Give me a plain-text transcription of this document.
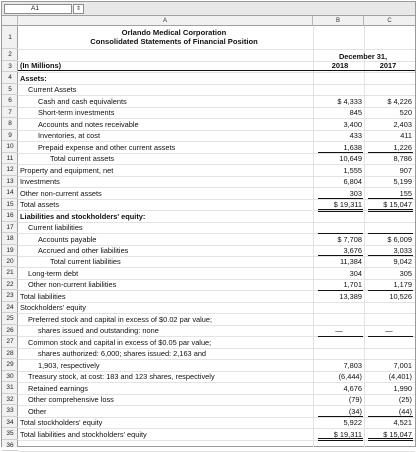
A1	⇕
A	B	C
1
2
3
4
5
6
7
8
9
10
11
12
13
14
15
16
17
18
19
20
21
22
23
24
25
26
27
28
29
30
31
32
33
34
35
36
Orlando Medical Corporation
Consolidated Statements of Financial Position
December 31,
(In Millions)	2018	2017
Assets:
Current Assets
Cash and cash equivalents	$ 4,333	$ 4,226
Short-term investments	845	520
Accounts and notes receivable	3,400	2,403
Inventories, at cost	433	411
Prepaid expense and other current assets	1,638	1,226
Total current assets	10,649	8,786
Property and equipment, net	1,555	907
Investments	6,804	5,199
Other non-current assets	303	155
Total assets	$ 19,311	$ 15,047
Liabilities and stockholders' equity:
Current liabilities
Accounts payable	$ 7,708	$ 6,009
Accrued and other liabilities	3,676	3,033
Total current liabilities	11,384	9,042
Long-term debt	304	305
Other non-current liabilities	1,701	1,179
Total liabilities	13,389	10,526
Stockholders' equity
Preferred stock and capital in excess of $0.02 par value;
shares issued and outstanding: none	—	—
Common stock and capital in excess of $0.05 par value;
shares authorized: 6,000; shares issued: 2,163 and
1,903, respectively	7,803	7,001
Treasury stock, at cost: 183 and 123 shares, respectively	(6,444)	(4,401)
Retained earnings	4,676	1,990
Other comprehensive loss	(79)	(25)
Other	(34)	(44)
Total stockholders' equity	5,922	4,521
Total liabilities and stockholders' equity	$ 19,311	$ 15,047
